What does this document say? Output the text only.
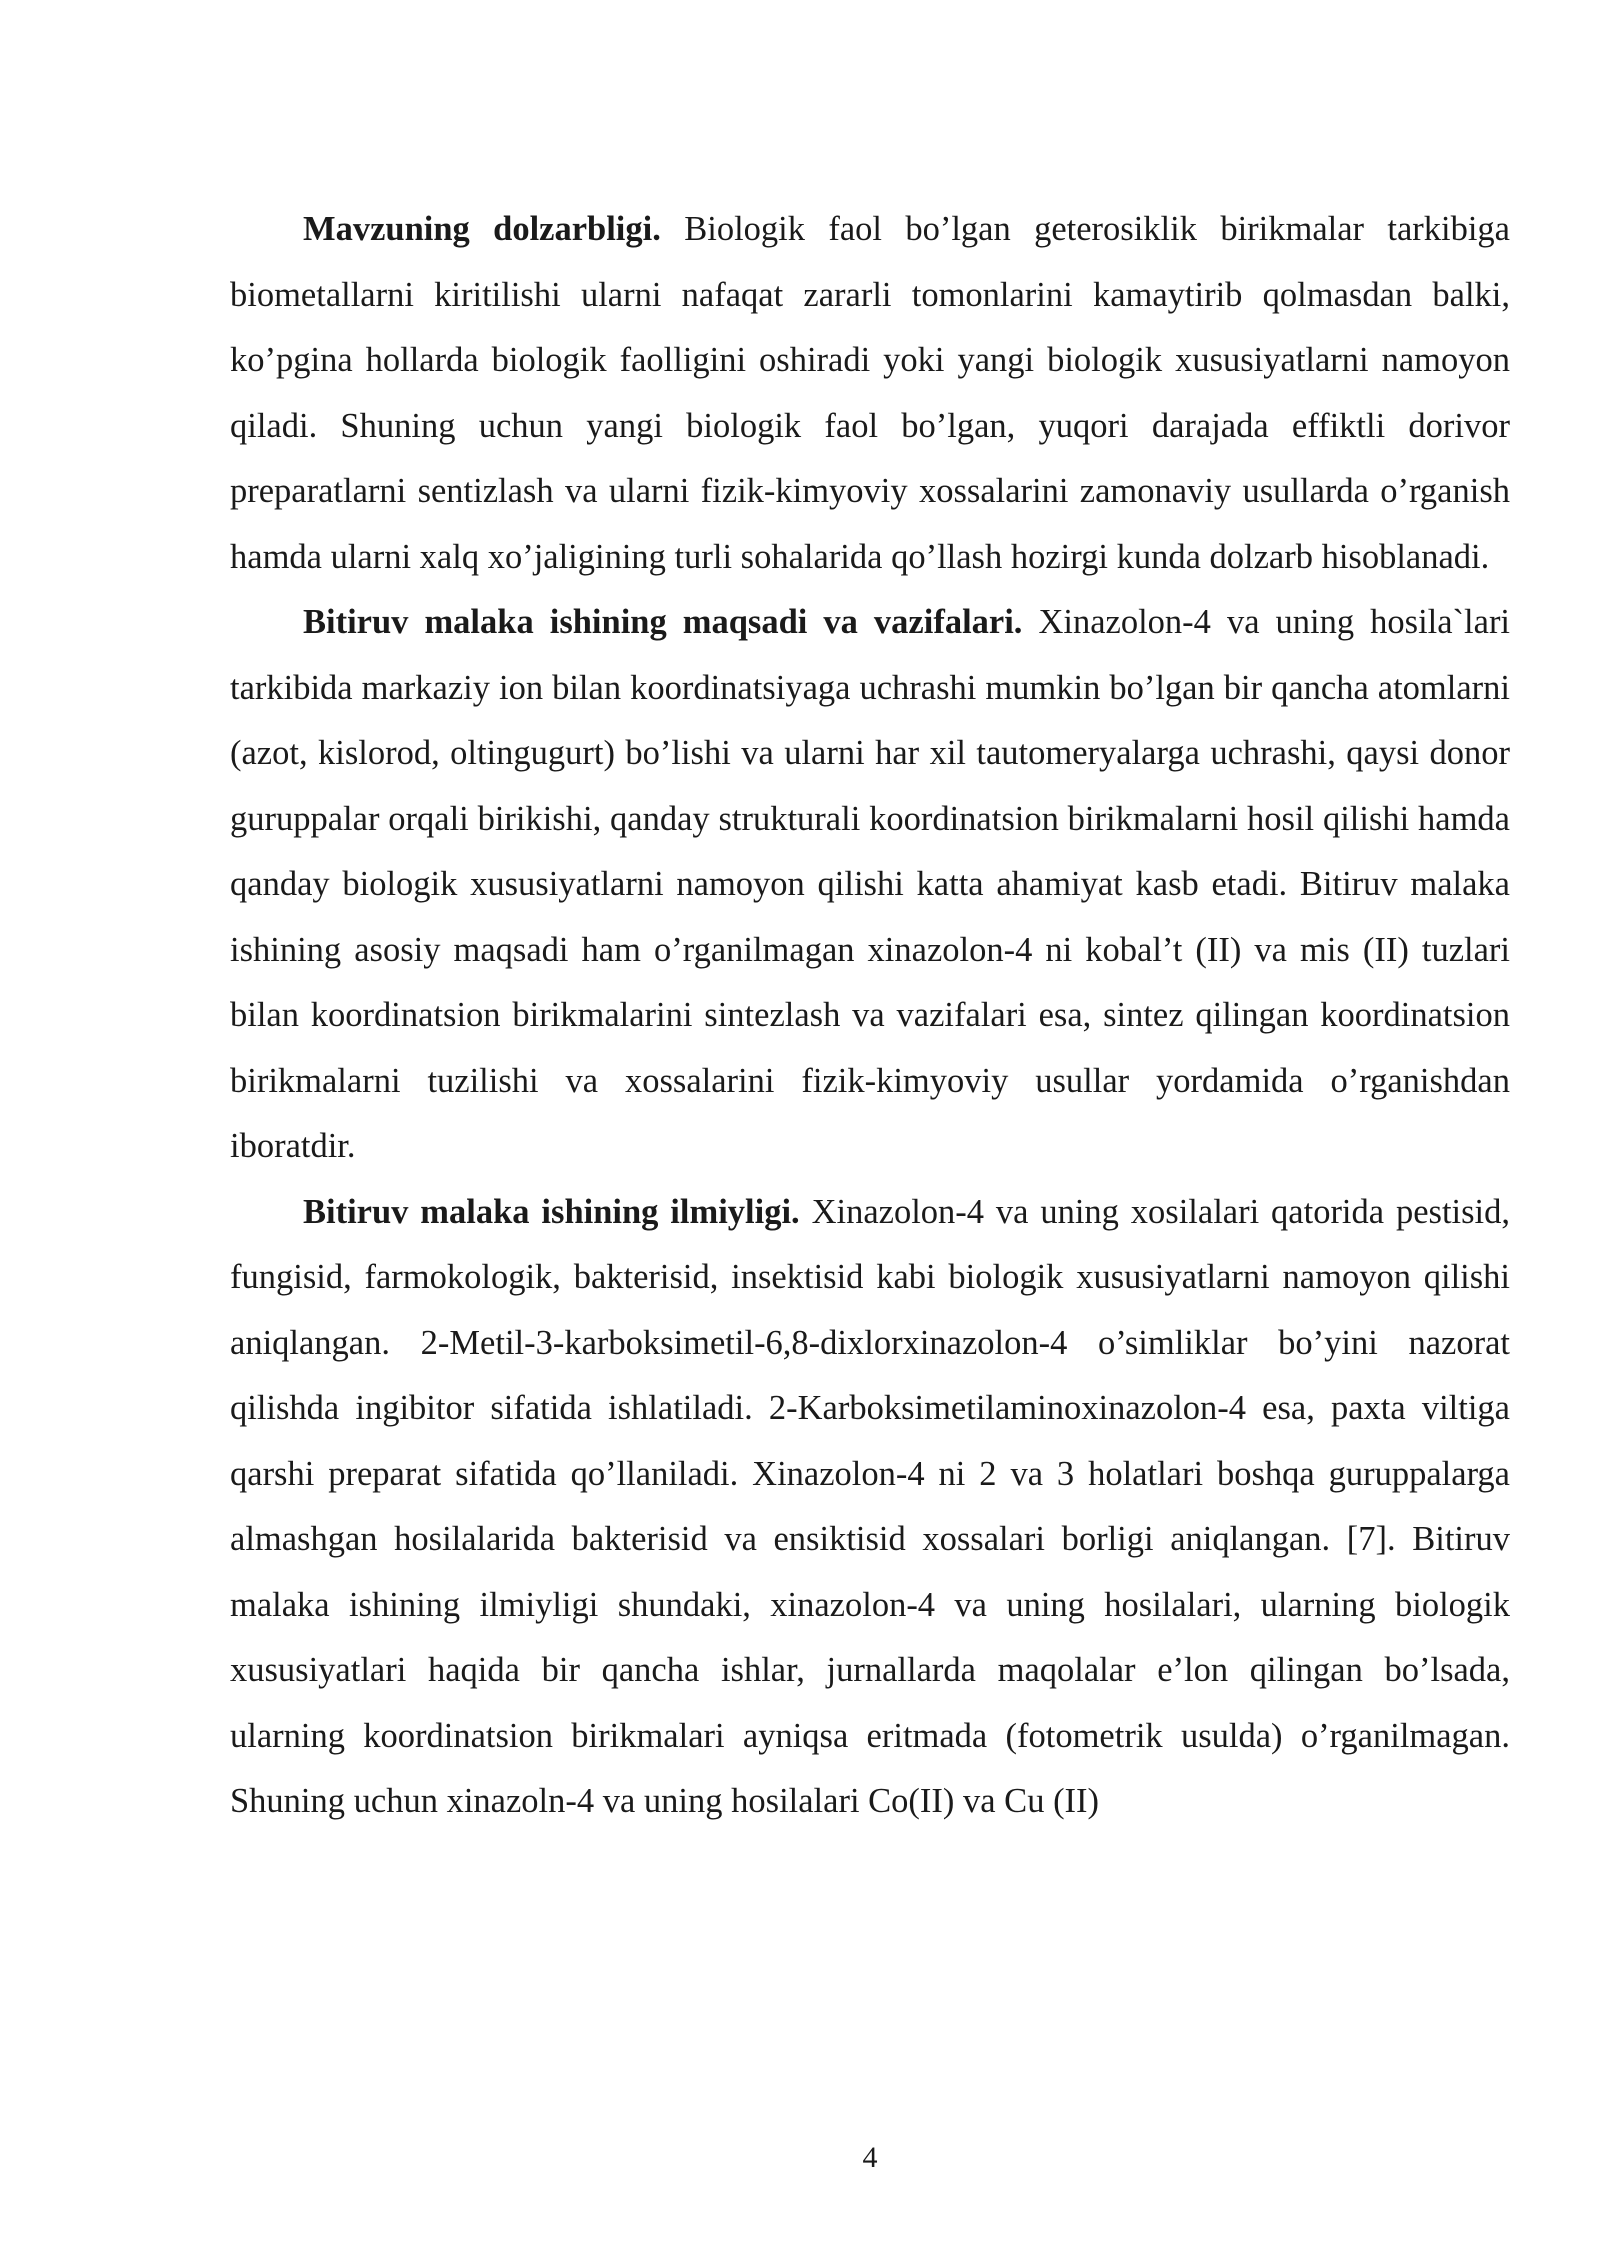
Mavzuning dolzarbligi. Biologik faol bo’lgan geterosiklik birikmalar tarkibiga biometallarni kiritilishi ularni nafaqat zararli tomonlarini kamaytirib qolmasdan balki, ko’pgina hollarda biologik faolligini oshiradi yoki yangi biologik xususiyatlarni namoyon qiladi. Shuning uchun yangi biologik faol bo’lgan, yuqori darajada effiktli dorivor preparatlarni sentizlash va ularni fizik-kimyoviy xossalarini zamonaviy usullarda o’rganish hamda ularni xalq xo’jaligining turli sohalarida qo’llash hozirgi kunda dolzarb hisoblanadi.

Bitiruv malaka ishining maqsadi va vazifalari. Xinazolon-4 va uning hosila`lari tarkibida markaziy ion bilan koordinatsiyaga uchrashi mumkin bo’lgan bir qancha atomlarni (azot, kislorod, oltingugurt) bo’lishi va ularni har xil tautomeryalarga uchrashi, qaysi donor guruppalar orqali birikishi, qanday strukturali koordinatsion birikmalarni hosil qilishi hamda qanday biologik xususiyatlarni namoyon qilishi katta ahamiyat kasb etadi. Bitiruv malaka ishining asosiy maqsadi ham o’rganilmagan xinazolon-4 ni kobal’t (II) va mis (II) tuzlari bilan koordinatsion birikmalarini sintezlash va vazifalari esa, sintez qilingan koordinatsion birikmalarni tuzilishi va xossalarini fizik-kimyoviy usullar yordamida o’rganishdan iboratdir.

Bitiruv malaka ishining ilmiyligi. Xinazolon-4 va uning xosilalari qatorida pestisid, fungisid, farmokologik, bakterisid, insektisid kabi biologik xususiyatlarni namoyon qilishi aniqlangan. 2-Metil-3-karboksimetil-6,8-dixlorxinazolon-4 o’simliklar bo’yini nazorat qilishda ingibitor sifatida ishlatiladi. 2-Karboksimetilaminoxinazolon-4 esa, paxta viltiga qarshi preparat sifatida qo’llaniladi. Xinazolon-4 ni 2 va 3 holatlari boshqa guruppalarga almashgan hosilalarida bakterisid va ensiktisid xossalari borligi aniqlangan. [7]. Bitiruv malaka ishining ilmiyligi shundaki, xinazolon-4 va uning hosilalari, ularning biologik xususiyatlari haqida bir qancha ishlar, jurnallarda maqolalar e’lon qilingan bo’lsada, ularning koordinatsion birikmalari ayniqsa eritmada (fotometrik usulda) o’rganilmagan. Shuning uchun xinazoln-4 va uning hosilalari Co(II) va Cu (II)

4
